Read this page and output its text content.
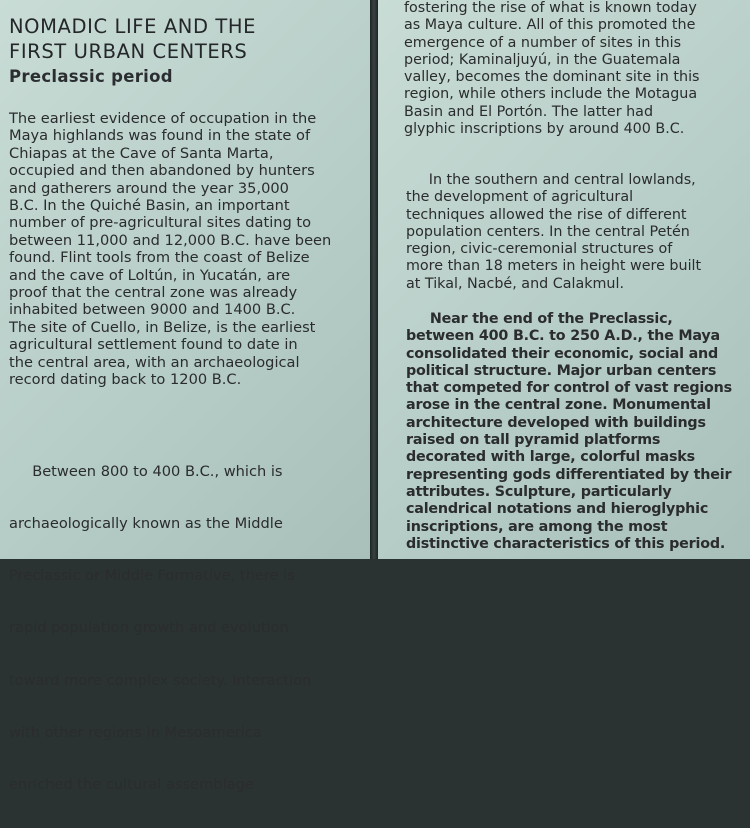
NOMADIC LIFE AND THE
FIRST URBAN CENTERS
Preclassic period

The earliest evidence of occupation in the
Maya highlands was found in the state of
Chiapas at the Cave of Santa Marta,
occupied and then abandoned by hunters
and gatherers around the year 35,000
B.C. In the Quiché Basin, an important
number of pre-agricultural sites dating to
between 11,000 and 12,000 B.C. have been
found. Flint tools from the coast of Belize
and the cave of Loltún, in Yucatán, are
proof that the central zone was already
inhabited between 9000 and 1400 B.C.
The site of Cuello, in Belize, is the earliest
agricultural settlement found to date in
the central area, with an archaeological
record dating back to 1200 B.C.

Between 800 to 400 B.C., which is

archaeologically known as the Middle

Preclassic or Middle Formative, there is

rapid population growth and evolution

toward more complex society. Interaction

with other regions in Mesoamerica

enriched the cultural assemblage

fostering the rise of what is known today
as Maya culture. All of this promoted the
emergence of a number of sites in this
period; Kaminaljuyú, in the Guatemala
valley, becomes the dominant site in this
region, while others include the Motagua
Basin and El Portón. The latter had
glyphic inscriptions by around 400 B.C.

In the southern and central lowlands,
the development of agricultural
techniques allowed the rise of different
population centers. In the central Petén
region, civic-ceremonial structures of
more than 18 meters in height were built
at Tikal, Nacbé, and Calakmul.

Near the end of the Preclassic,
between 400 B.C. to 250 A.D., the Maya
consolidated their economic, social and
political structure. Major urban centers
that competed for control of vast regions
arose in the central zone. Monumental
architecture developed with buildings
raised on tall pyramid platforms
decorated with large, colorful masks
representing gods differentiated by their
attributes. Sculpture, particularly
calendrical notations and hieroglyphic
inscriptions, are among the most
distinctive characteristics of this period.
